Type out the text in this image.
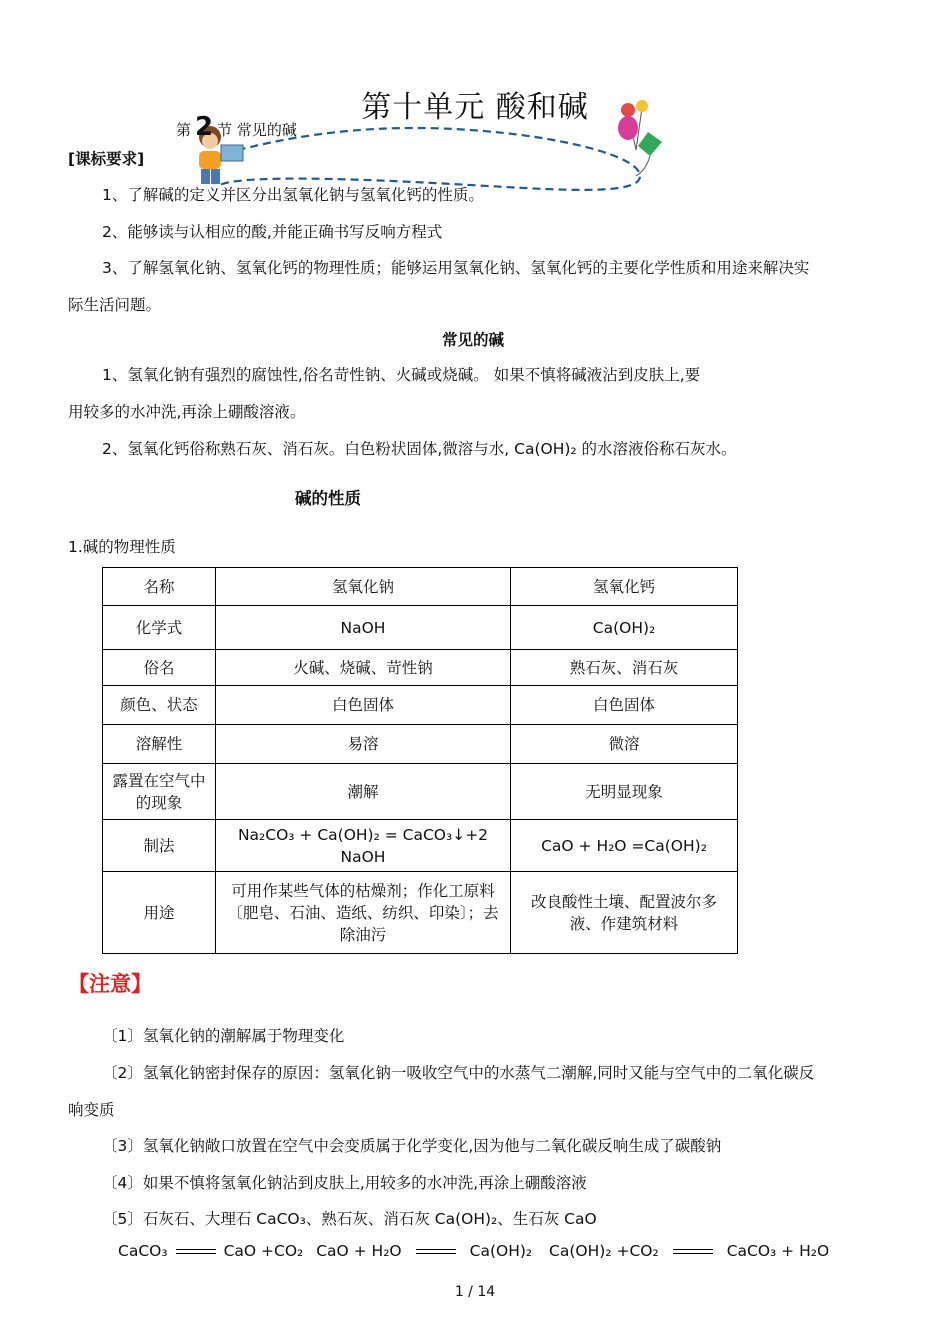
第十单元 酸和碱
第 2 节 常见的碱
[课标要求]
1、了解碱的定义并区分出氢氧化钠与氢氧化钙的性质。
2、能够读与认相应的酸,并能正确书写反响方程式
3、了解氢氧化钠、氢氧化钙的物理性质；能够运用氢氧化钠、氢氧化钙的主要化学性质和用途来解决实
际生活问题。
常见的碱
1、氢氧化钠有强烈的腐蚀性,俗名苛性钠、火碱或烧碱。 如果不慎将碱液沾到皮肤上,要
用较多的水冲洗,再涂上硼酸溶液。
2、氢氧化钙俗称熟石灰、消石灰。白色粉状固体,微溶与水, Ca(OH)₂ 的水溶液俗称石灰水。
碱的性质
1.碱的物理性质
名称	氢氧化钠	氢氧化钙
化学式	NaOH	Ca(OH)₂
俗名	火碱、烧碱、苛性钠	熟石灰、消石灰
颜色、状态	白色固体	白色固体
溶解性	易溶	微溶
露置在空气中的现象	潮解	无明显现象
制法	Na₂CO₃ + Ca(OH)₂ = CaCO₃↓+2 NaOH	CaO + H₂O =Ca(OH)₂
用途	可用作某些气体的枯燥剂；作化工原料〔肥皂、石油、造纸、纺织、印染〕；去除油污	改良酸性土壤、配置波尔多液、作建筑材料
【注意】
〔1〕氢氧化钠的潮解属于物理变化
〔2〕氢氧化钠密封保存的原因：氢氧化钠一吸收空气中的水蒸气二潮解,同时又能与空气中的二氧化碳反
响变质
〔3〕氢氧化钠敞口放置在空气中会变质属于化学变化,因为他与二氧化碳反响生成了碳酸钠
〔4〕如果不慎将氢氧化钠沾到皮肤上,用较多的水冲洗,再涂上硼酸溶液
〔5〕石灰石、大理石 CaCO₃、熟石灰、消石灰 Ca(OH)₂、生石灰 CaO
CaCO₃	CaO +CO₂ CaO + H₂O	Ca(OH)₂ Ca(OH)₂ +CO₂	CaCO₃ + H₂O
1 / 14
